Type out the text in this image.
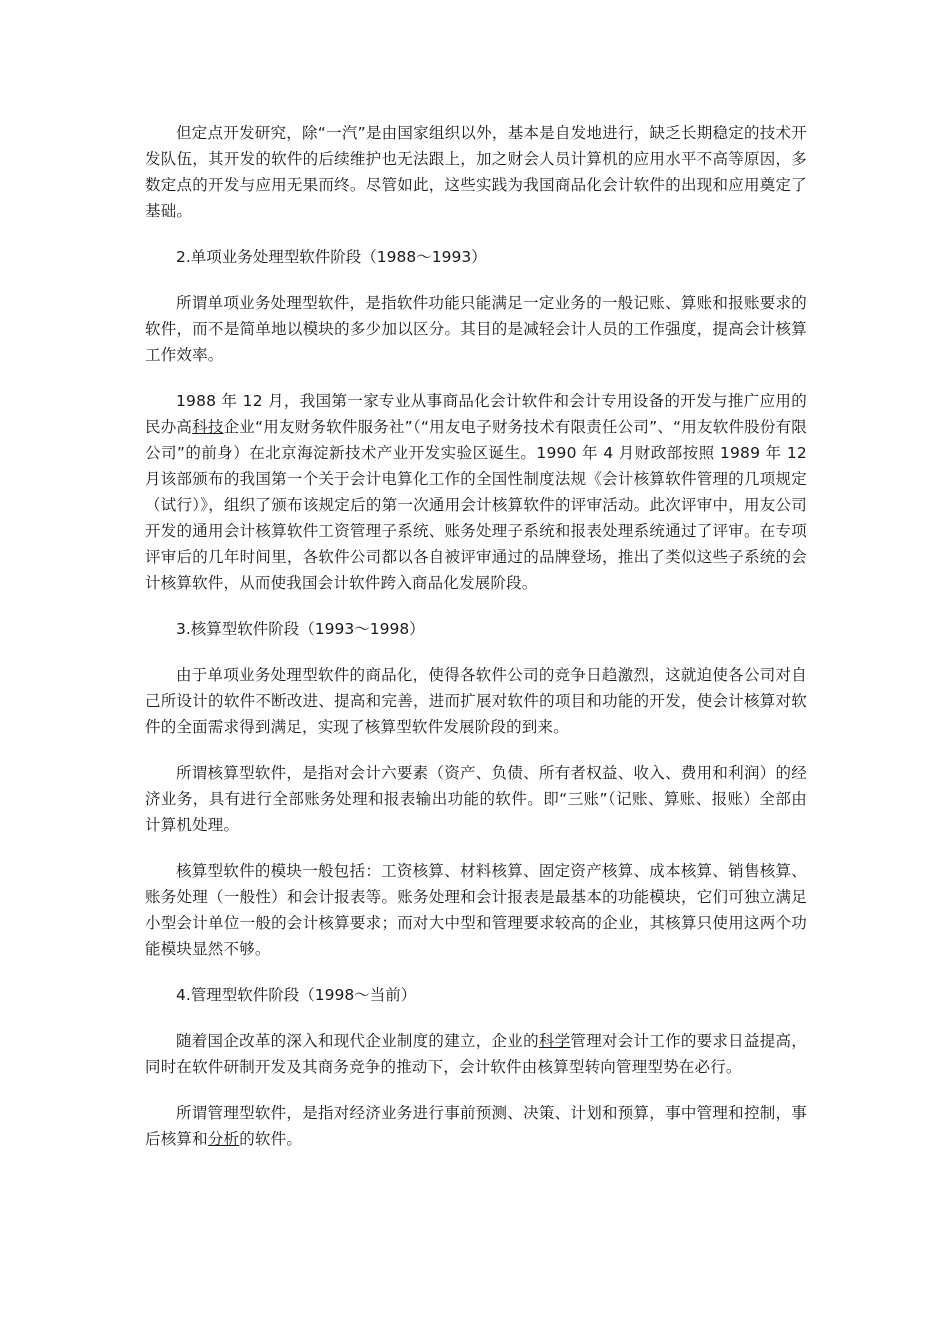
但定点开发研究，除“一汽”是由国家组织以外，基本是自发地进行，缺乏长期稳定的技术开发队伍，其开发的软件的后续维护也无法跟上，加之财会人员计算机的应用水平不高等原因，多数定点的开发与应用无果而终。尽管如此，这些实践为我国商品化会计软件的出现和应用奠定了基础。

2.单项业务处理型软件阶段（1988～1993）

所谓单项业务处理型软件，是指软件功能只能满足一定业务的一般记账、算账和报账要求的软件，而不是简单地以模块的多少加以区分。其目的是减轻会计人员的工作强度，提高会计核算工作效率。

1988 年 12 月，我国第一家专业从事商品化会计软件和会计专用设备的开发与推广应用的民办高科技企业“用友财务软件服务社”（“用友电子财务技术有限责任公司”、“用友软件股份有限公司”的前身）在北京海淀新技术产业开发实验区诞生。1990 年 4 月财政部按照 1989 年 12 月该部颁布的我国第一个关于会计电算化工作的全国性制度法规《会计核算软件管理的几项规定（试行）》，组织了颁布该规定后的第一次通用会计核算软件的评审活动。此次评审中，用友公司开发的通用会计核算软件工资管理子系统、账务处理子系统和报表处理系统通过了评审。在专项评审后的几年时间里，各软件公司都以各自被评审通过的品牌登场，推出了类似这些子系统的会计核算软件，从而使我国会计软件跨入商品化发展阶段。

3.核算型软件阶段（1993～1998）

由于单项业务处理型软件的商品化，使得各软件公司的竞争日趋激烈，这就迫使各公司对自己所设计的软件不断改进、提高和完善，进而扩展对软件的项目和功能的开发，使会计核算对软件的全面需求得到满足，实现了核算型软件发展阶段的到来。

所谓核算型软件，是指对会计六要素（资产、负债、所有者权益、收入、费用和利润）的经济业务，具有进行全部账务处理和报表输出功能的软件。即“三账”（记账、算账、报账）全部由计算机处理。

核算型软件的模块一般包括：工资核算、材料核算、固定资产核算、成本核算、销售核算、账务处理（一般性）和会计报表等。账务处理和会计报表是最基本的功能模块，它们可独立满足小型会计单位一般的会计核算要求；而对大中型和管理要求较高的企业，其核算只使用这两个功能模块显然不够。

4.管理型软件阶段（1998～当前）

随着国企改革的深入和现代企业制度的建立，企业的科学管理对会计工作的要求日益提高，同时在软件研制开发及其商务竞争的推动下，会计软件由核算型转向管理型势在必行。

所谓管理型软件，是指对经济业务进行事前预测、决策、计划和预算，事中管理和控制，事后核算和分析的软件。
